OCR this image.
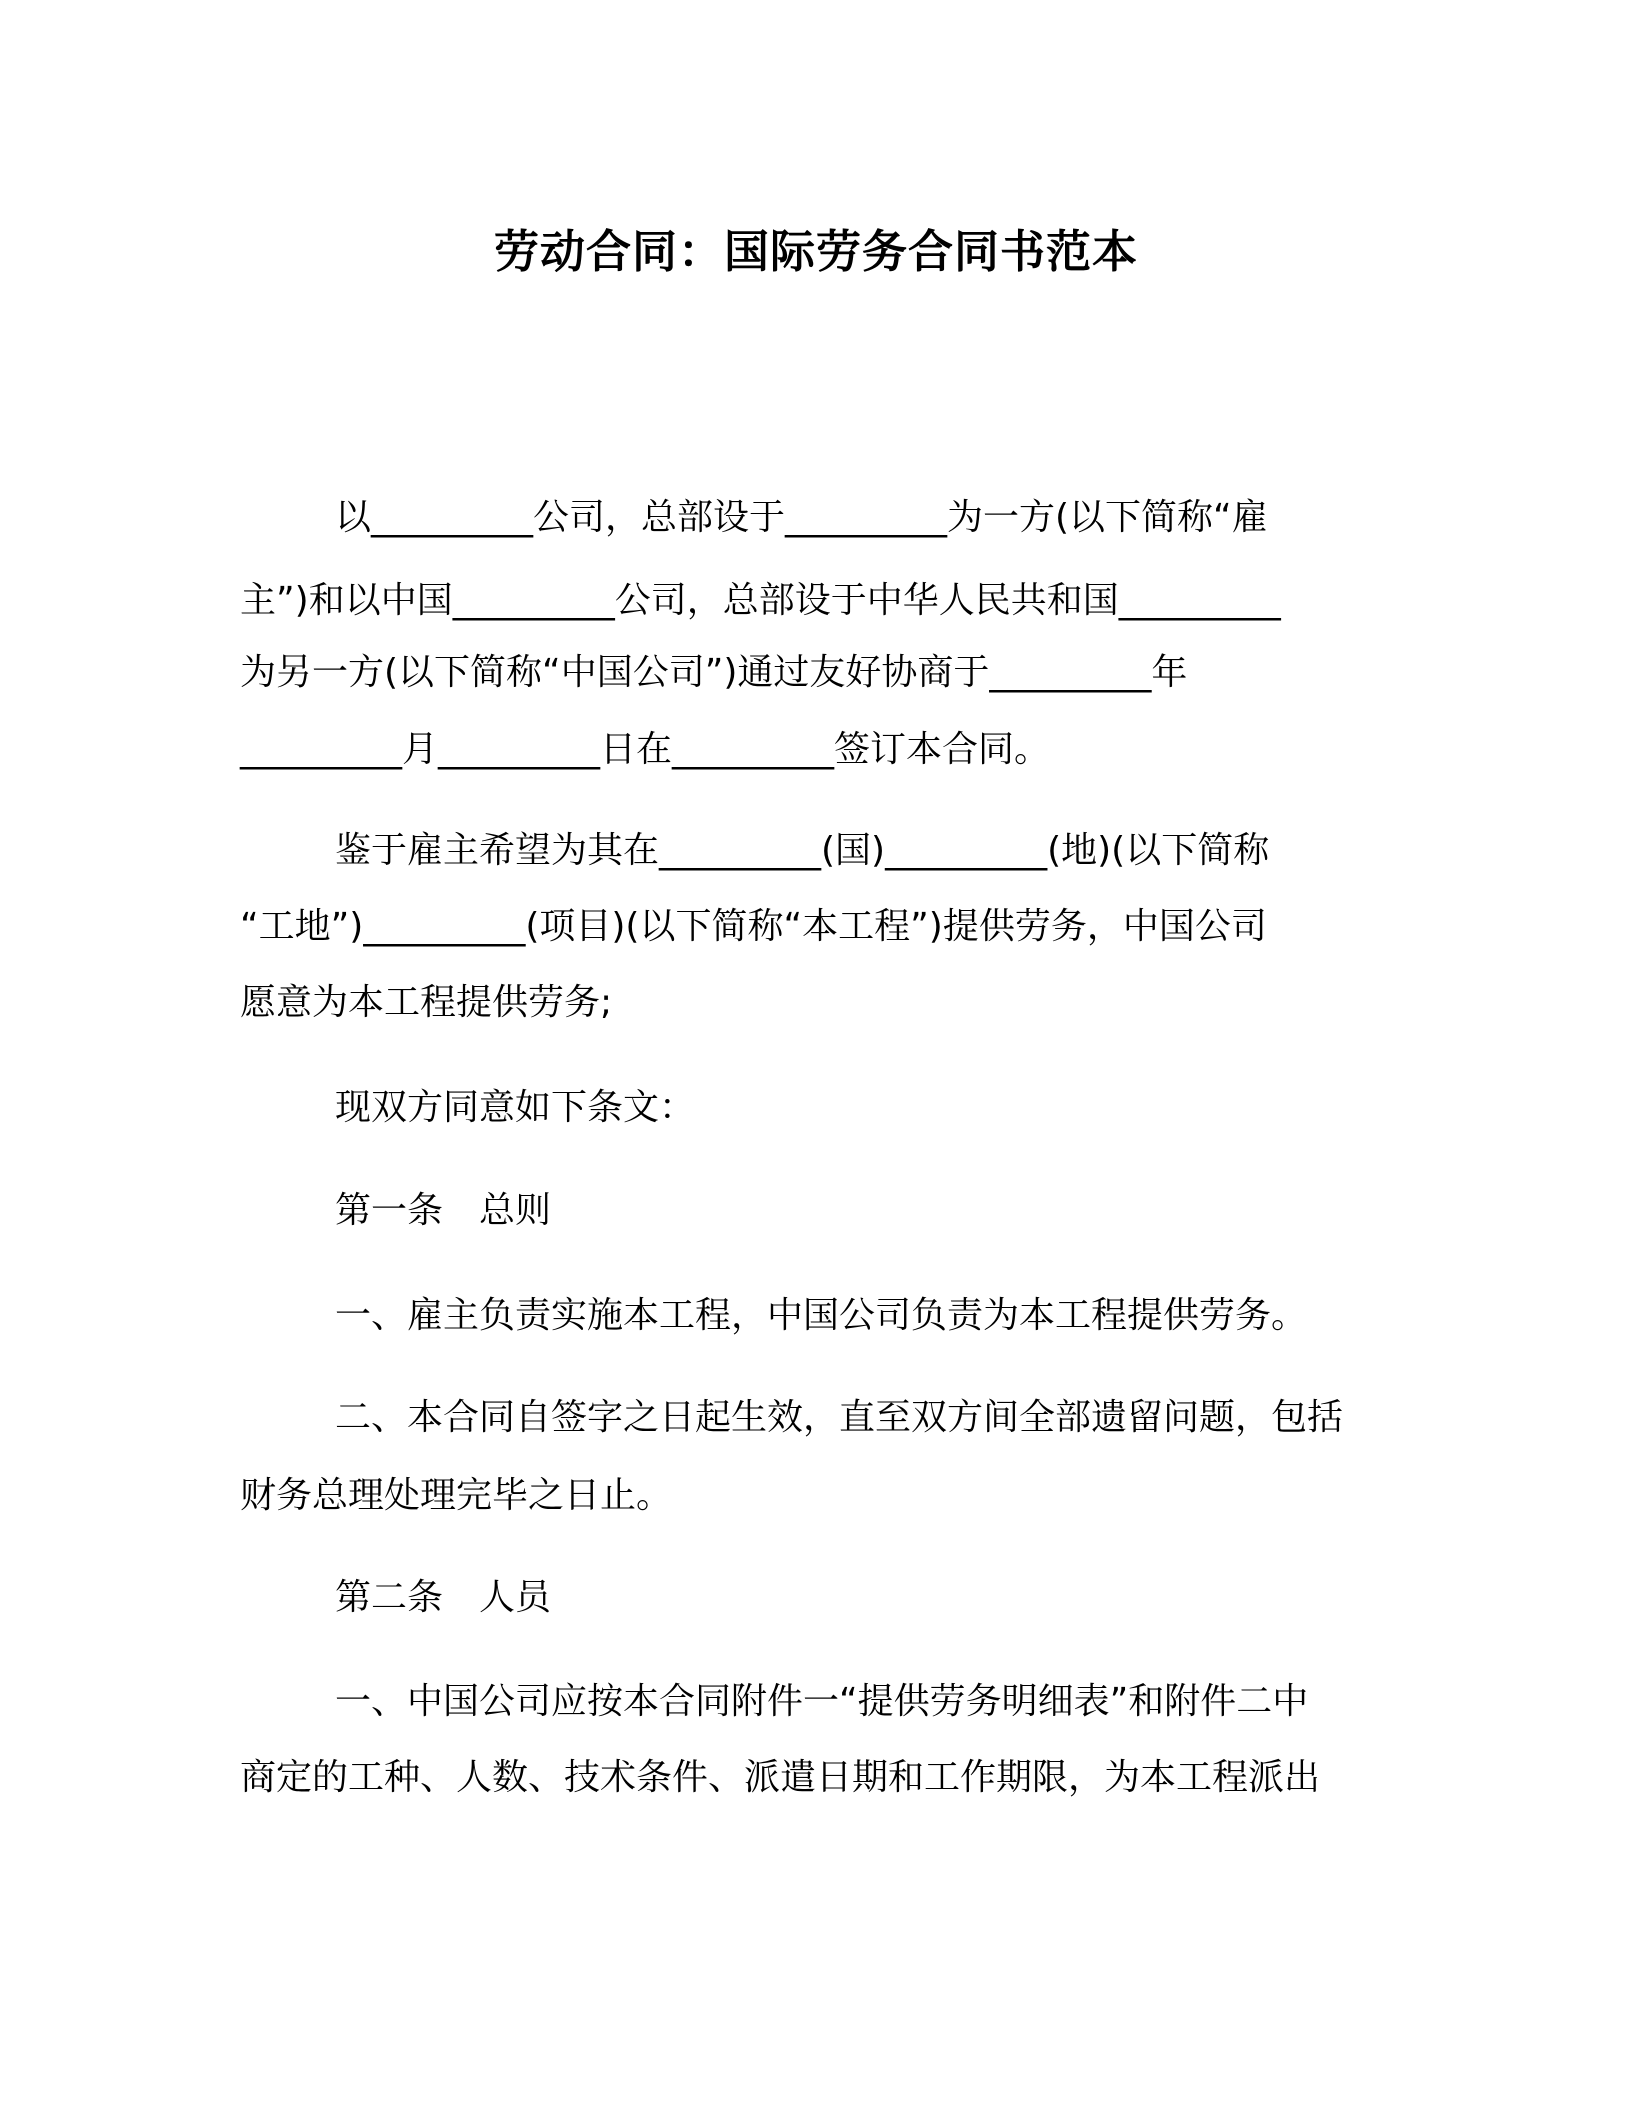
劳动合同：国际劳务合同书范本
以_________公司，总部设于_________为一方(以下简称“雇
主”)和以中国_________公司，总部设于中华人民共和国_________
为另一方(以下简称“中国公司”)通过友好协商于_________年
_________月_________日在_________签订本合同。
鉴于雇主希望为其在_________(国)_________(地)(以下简称
“工地”)_________(项目)(以下简称“本工程”)提供劳务，中国公司
愿意为本工程提供劳务;
现双方同意如下条文：
第一条　总则
一、雇主负责实施本工程，中国公司负责为本工程提供劳务。
二、本合同自签字之日起生效，直至双方间全部遗留问题，包括
财务总理处理完毕之日止。
第二条　人员
一、中国公司应按本合同附件一“提供劳务明细表”和附件二中
商定的工种、人数、技术条件、派遣日期和工作期限，为本工程派出
